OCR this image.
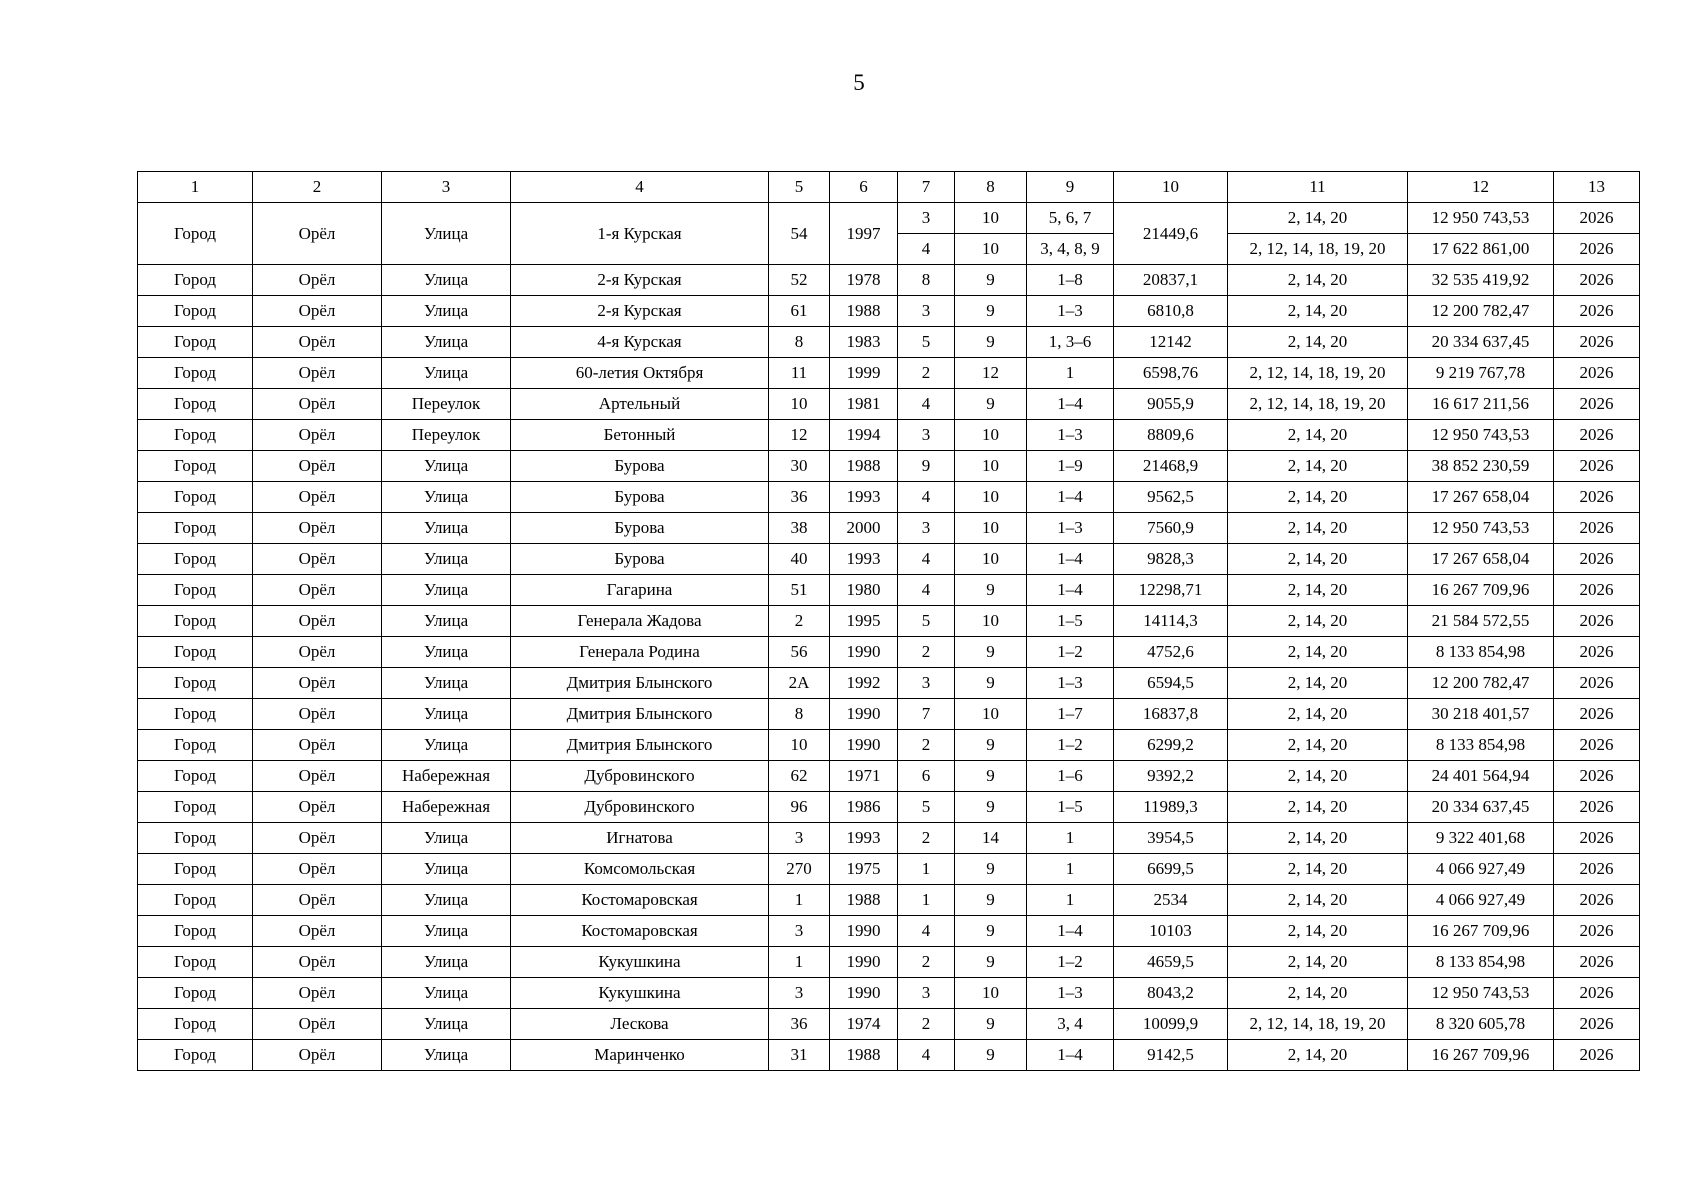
5
1	2	3	4	5	6	7	8	9	10	11	12	13
Город	Орёл	Улица	1-я Курская	54	1997	3	10	5, 6, 7	21449,6	2, 14, 20	12 950 743,53	2026
						4	10	3, 4, 8, 9		2, 12, 14, 18, 19, 20	17 622 861,00	2026
Город	Орёл	Улица	2-я Курская	52	1978	8	9	1–8	20837,1	2, 14, 20	32 535 419,92	2026
Город	Орёл	Улица	2-я Курская	61	1988	3	9	1–3	6810,8	2, 14, 20	12 200 782,47	2026
Город	Орёл	Улица	4-я Курская	8	1983	5	9	1, 3–6	12142	2, 14, 20	20 334 637,45	2026
Город	Орёл	Улица	60-летия Октября	11	1999	2	12	1	6598,76	2, 12, 14, 18, 19, 20	9 219 767,78	2026
Город	Орёл	Переулок	Артельный	10	1981	4	9	1–4	9055,9	2, 12, 14, 18, 19, 20	16 617 211,56	2026
Город	Орёл	Переулок	Бетонный	12	1994	3	10	1–3	8809,6	2, 14, 20	12 950 743,53	2026
Город	Орёл	Улица	Бурова	30	1988	9	10	1–9	21468,9	2, 14, 20	38 852 230,59	2026
Город	Орёл	Улица	Бурова	36	1993	4	10	1–4	9562,5	2, 14, 20	17 267 658,04	2026
Город	Орёл	Улица	Бурова	38	2000	3	10	1–3	7560,9	2, 14, 20	12 950 743,53	2026
Город	Орёл	Улица	Бурова	40	1993	4	10	1–4	9828,3	2, 14, 20	17 267 658,04	2026
Город	Орёл	Улица	Гагарина	51	1980	4	9	1–4	12298,71	2, 14, 20	16 267 709,96	2026
Город	Орёл	Улица	Генерала Жадова	2	1995	5	10	1–5	14114,3	2, 14, 20	21 584 572,55	2026
Город	Орёл	Улица	Генерала Родина	56	1990	2	9	1–2	4752,6	2, 14, 20	8 133 854,98	2026
Город	Орёл	Улица	Дмитрия Блынского	2А	1992	3	9	1–3	6594,5	2, 14, 20	12 200 782,47	2026
Город	Орёл	Улица	Дмитрия Блынского	8	1990	7	10	1–7	16837,8	2, 14, 20	30 218 401,57	2026
Город	Орёл	Улица	Дмитрия Блынского	10	1990	2	9	1–2	6299,2	2, 14, 20	8 133 854,98	2026
Город	Орёл	Набережная	Дубровинского	62	1971	6	9	1–6	9392,2	2, 14, 20	24 401 564,94	2026
Город	Орёл	Набережная	Дубровинского	96	1986	5	9	1–5	11989,3	2, 14, 20	20 334 637,45	2026
Город	Орёл	Улица	Игнатова	3	1993	2	14	1	3954,5	2, 14, 20	9 322 401,68	2026
Город	Орёл	Улица	Комсомольская	270	1975	1	9	1	6699,5	2, 14, 20	4 066 927,49	2026
Город	Орёл	Улица	Костомаровская	1	1988	1	9	1	2534	2, 14, 20	4 066 927,49	2026
Город	Орёл	Улица	Костомаровская	3	1990	4	9	1–4	10103	2, 14, 20	16 267 709,96	2026
Город	Орёл	Улица	Кукушкина	1	1990	2	9	1–2	4659,5	2, 14, 20	8 133 854,98	2026
Город	Орёл	Улица	Кукушкина	3	1990	3	10	1–3	8043,2	2, 14, 20	12 950 743,53	2026
Город	Орёл	Улица	Лескова	36	1974	2	9	3, 4	10099,9	2, 12, 14, 18, 19, 20	8 320 605,78	2026
Город	Орёл	Улица	Маринченко	31	1988	4	9	1–4	9142,5	2, 14, 20	16 267 709,96	2026
